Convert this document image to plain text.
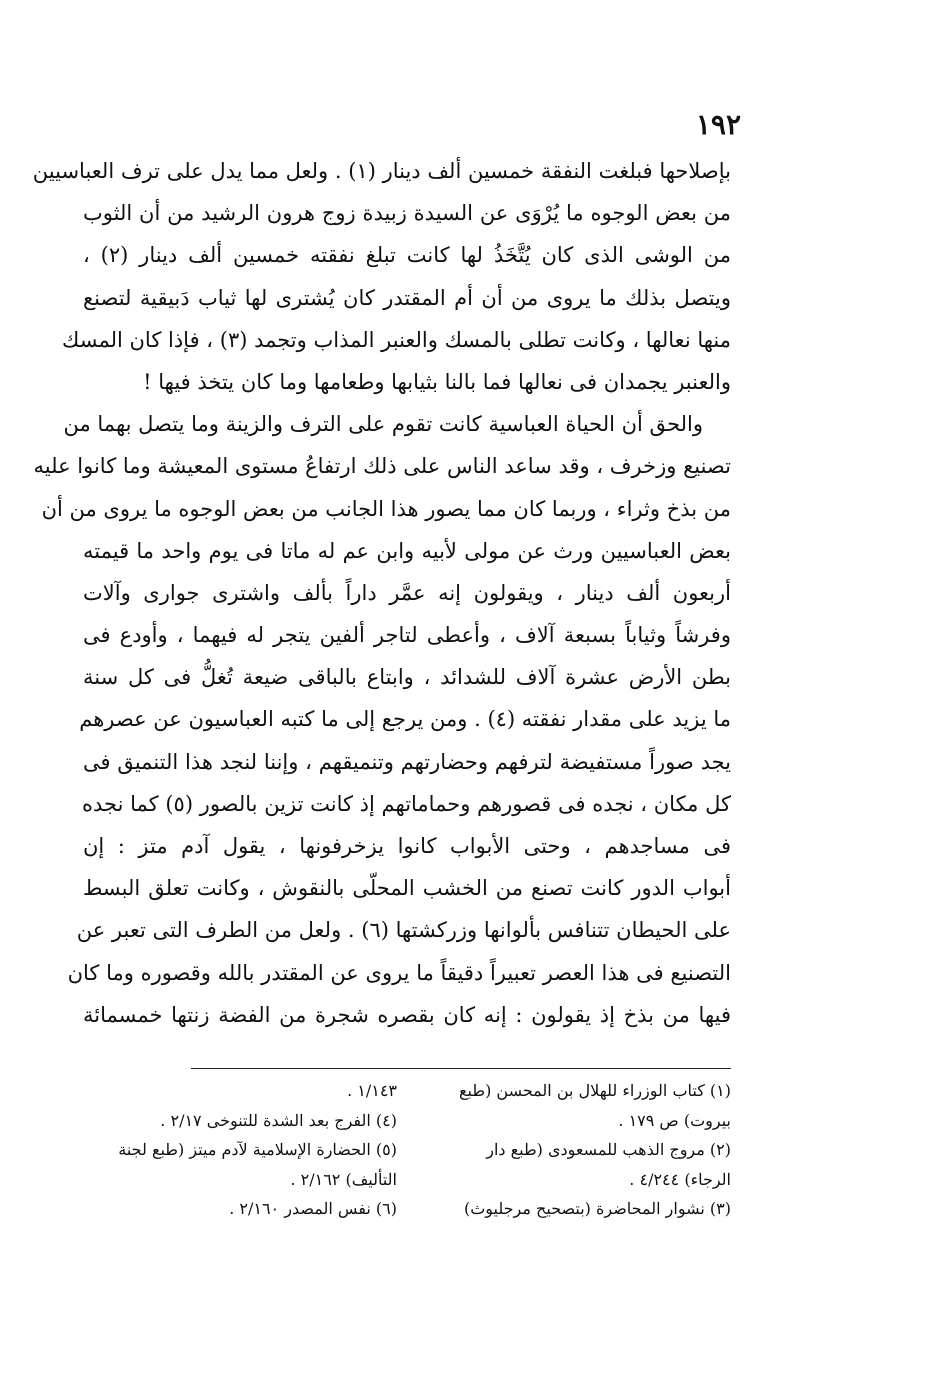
١٩٢
بإصلاحها فبلغت النفقة خمسين ألف دينار (١) . ولعل مما يدل على ترف العباسيين
من بعض الوجوه ما يُرْوَى عن السيدة زبيدة زوج هرون الرشيد من أن الثوب
من الوشى الذى كان يُتَّخَذُ لها كانت تبلغ نفقته خمسين ألف دينار (٢) ،
ويتصل بذلك ما يروى من أن أم المقتدر كان يُشترى لها ثياب دَبيقية لتصنع
منها نعالها ، وكانت تطلى بالمسك والعنبر المذاب وتجمد (٣) ، فإذا كان المسك
والعنبر يجمدان فى نعالها فما بالنا بثيابها وطعامها وما كان يتخذ فيها !
والحق أن الحياة العباسية كانت تقوم على الترف والزينة وما يتصل بهما من
تصنيع وزخرف ، وقد ساعد الناس على ذلك ارتفاعُ مستوى المعيشة وما كانوا عليه
من بذخ وثراء ، وربما كان مما يصور هذا الجانب من بعض الوجوه ما يروى من أن
بعض العباسيين ورث عن مولى لأبيه وابن عم له ماتا فى يوم واحد ما قيمته
أربعون ألف دينار ، ويقولون إنه عمَّر داراً بألف واشترى جوارى وآلات
وفرشاً وثياباً بسبعة آلاف ، وأعطى لتاجر ألفين يتجر له فيهما ، وأودع فى
بطن الأرض عشرة آلاف للشدائد ، وابتاع بالباقى ضيعة تُغلُّ فى كل سنة
ما يزيد على مقدار نفقته (٤) . ومن يرجع إلى ما كتبه العباسيون عن عصرهم
يجد صوراً مستفيضة لترفهم وحضارتهم وتنميقهم ، وإننا لنجد هذا التنميق فى
كل مكان ، نجده فى قصورهم وحماماتهم إذ كانت تزين بالصور (٥) كما نجده
فى مساجدهم ، وحتى الأبواب كانوا يزخرفونها ، يقول آدم متز : إن
أبواب الدور كانت تصنع من الخشب المحلّى بالنقوش ، وكانت تعلق البسط
على الحيطان تتنافس بألوانها وزركشتها (٦) . ولعل من الطرف التى تعبر عن
التصنيع فى هذا العصر تعبيراً دقيقاً ما يروى عن المقتدر بالله وقصوره وما كان
فيها من بذخ إذ يقولون : إنه كان بقصره شجرة من الفضة زنتها خمسمائة
(١) كتاب الوزراء للهلال بن المحسن (طبع
بيروت) ص ١٧٩ .
(٢) مروج الذهب للمسعودى (طبع دار
الرجاء) ٤/٢٤٤ .
(٣) نشوار المحاضرة (بتصحيح مرجليوث)
١/١٤٣ .
(٤) الفرج بعد الشدة للتنوخى ٢/١٧ .
(٥) الحضارة الإسلامية لآدم ميتز (طبع لجنة
التأليف) ٢/١٦٢ .
(٦) نفس المصدر ٢/١٦٠ .
